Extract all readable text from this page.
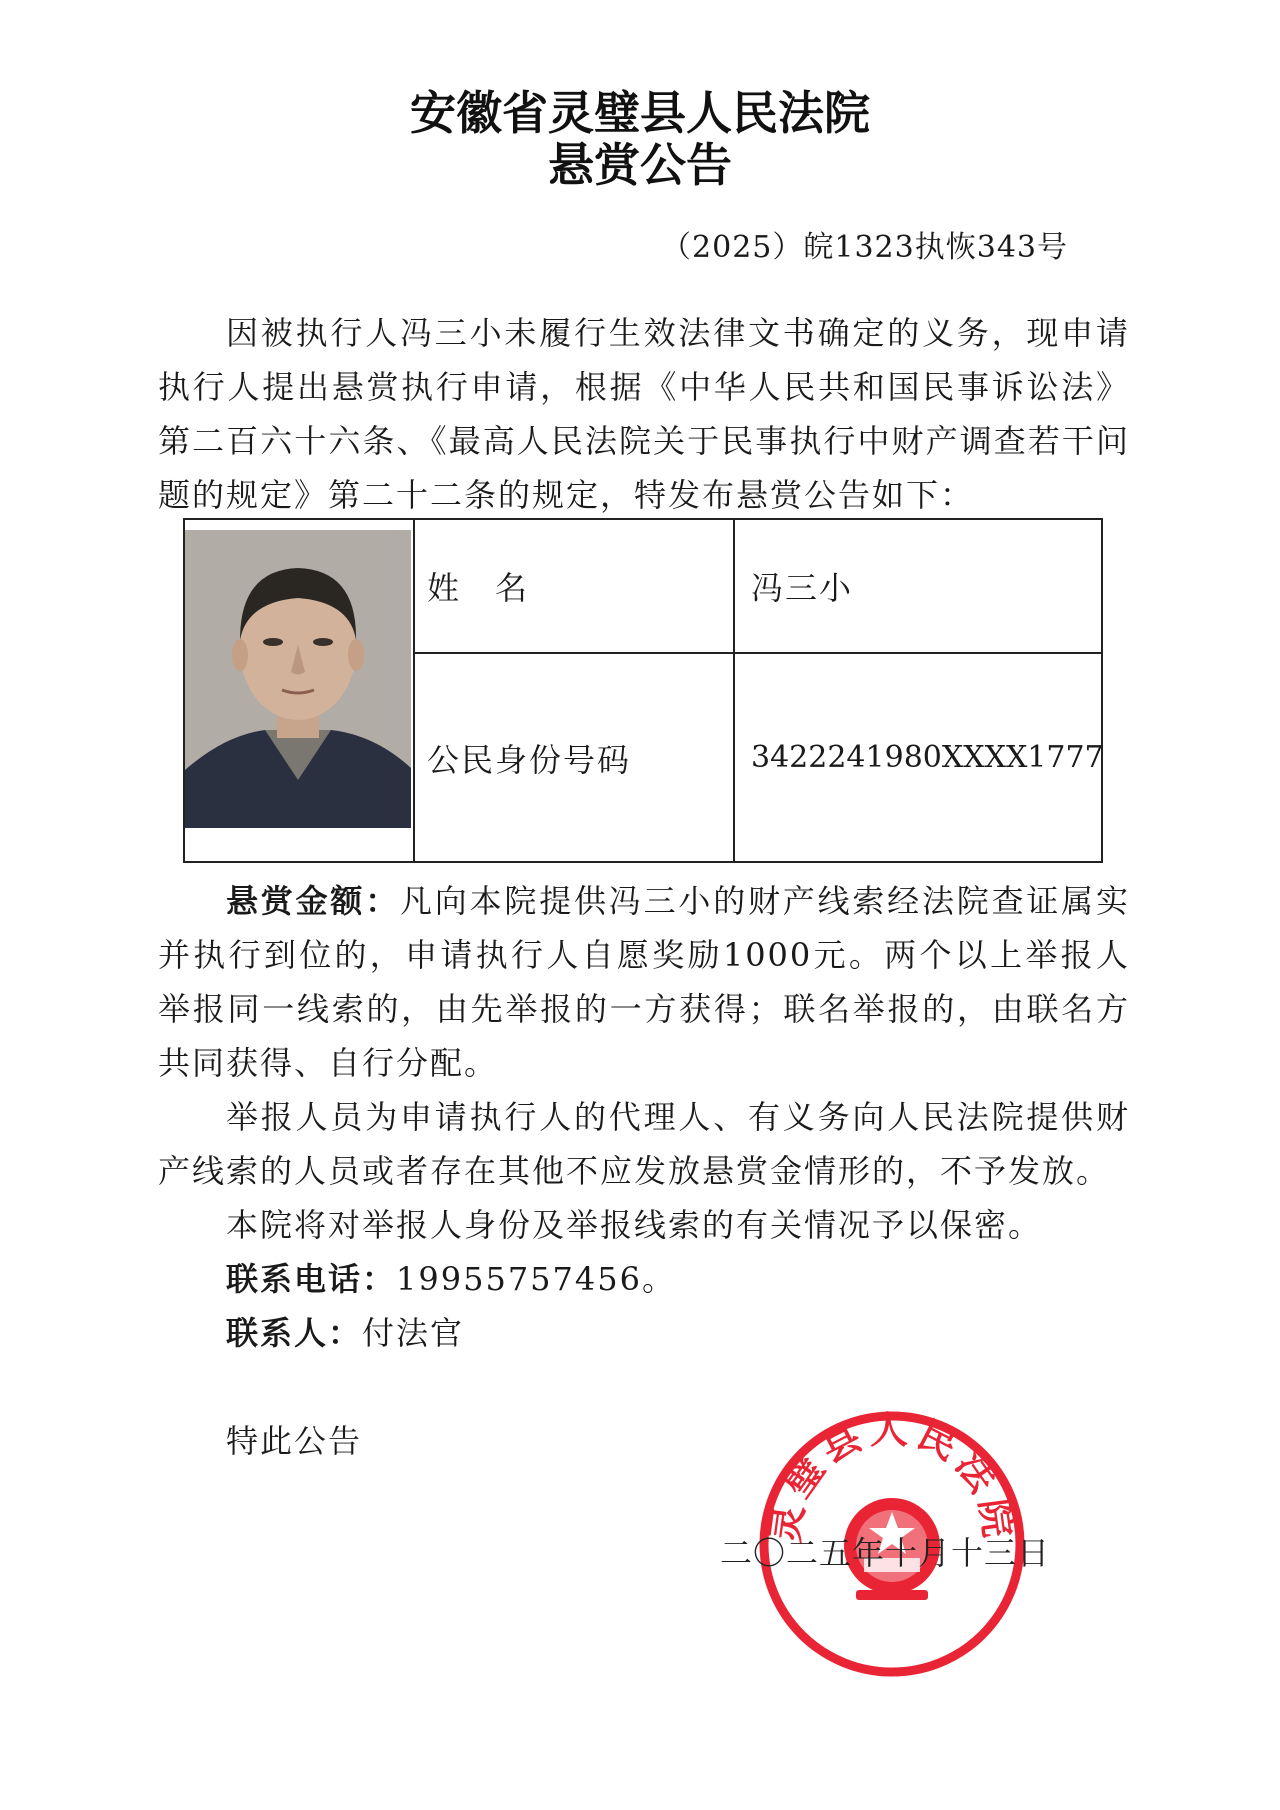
安徽省灵璧县人民法院
悬赏公告
（2025）皖1323执恢343号
因被执行人冯三小未履行生效法律文书确定的义务，现申请执行人提出悬赏执行申请，根据《中华人民共和国民事诉讼法》第二百六十六条、《最高人民法院关于民事执行中财产调查若干问题的规定》第二十二条的规定，特发布悬赏公告如下：
姓　名	冯三小
公民身份号码	3422241980XXXX1777
悬赏金额：凡向本院提供冯三小的财产线索经法院查证属实并执行到位的，申请执行人自愿奖励1000元。两个以上举报人举报同一线索的，由先举报的一方获得；联名举报的，由联名方共同获得、自行分配。
举报人员为申请执行人的代理人、有义务向人民法院提供财产线索的人员或者存在其他不应发放悬赏金情形的，不予发放。
本院将对举报人身份及举报线索的有关情况予以保密。
联系电话：19955757456。
联系人：付法官
特此公告
灵璧县人民法院
二〇二五年十月十三日
